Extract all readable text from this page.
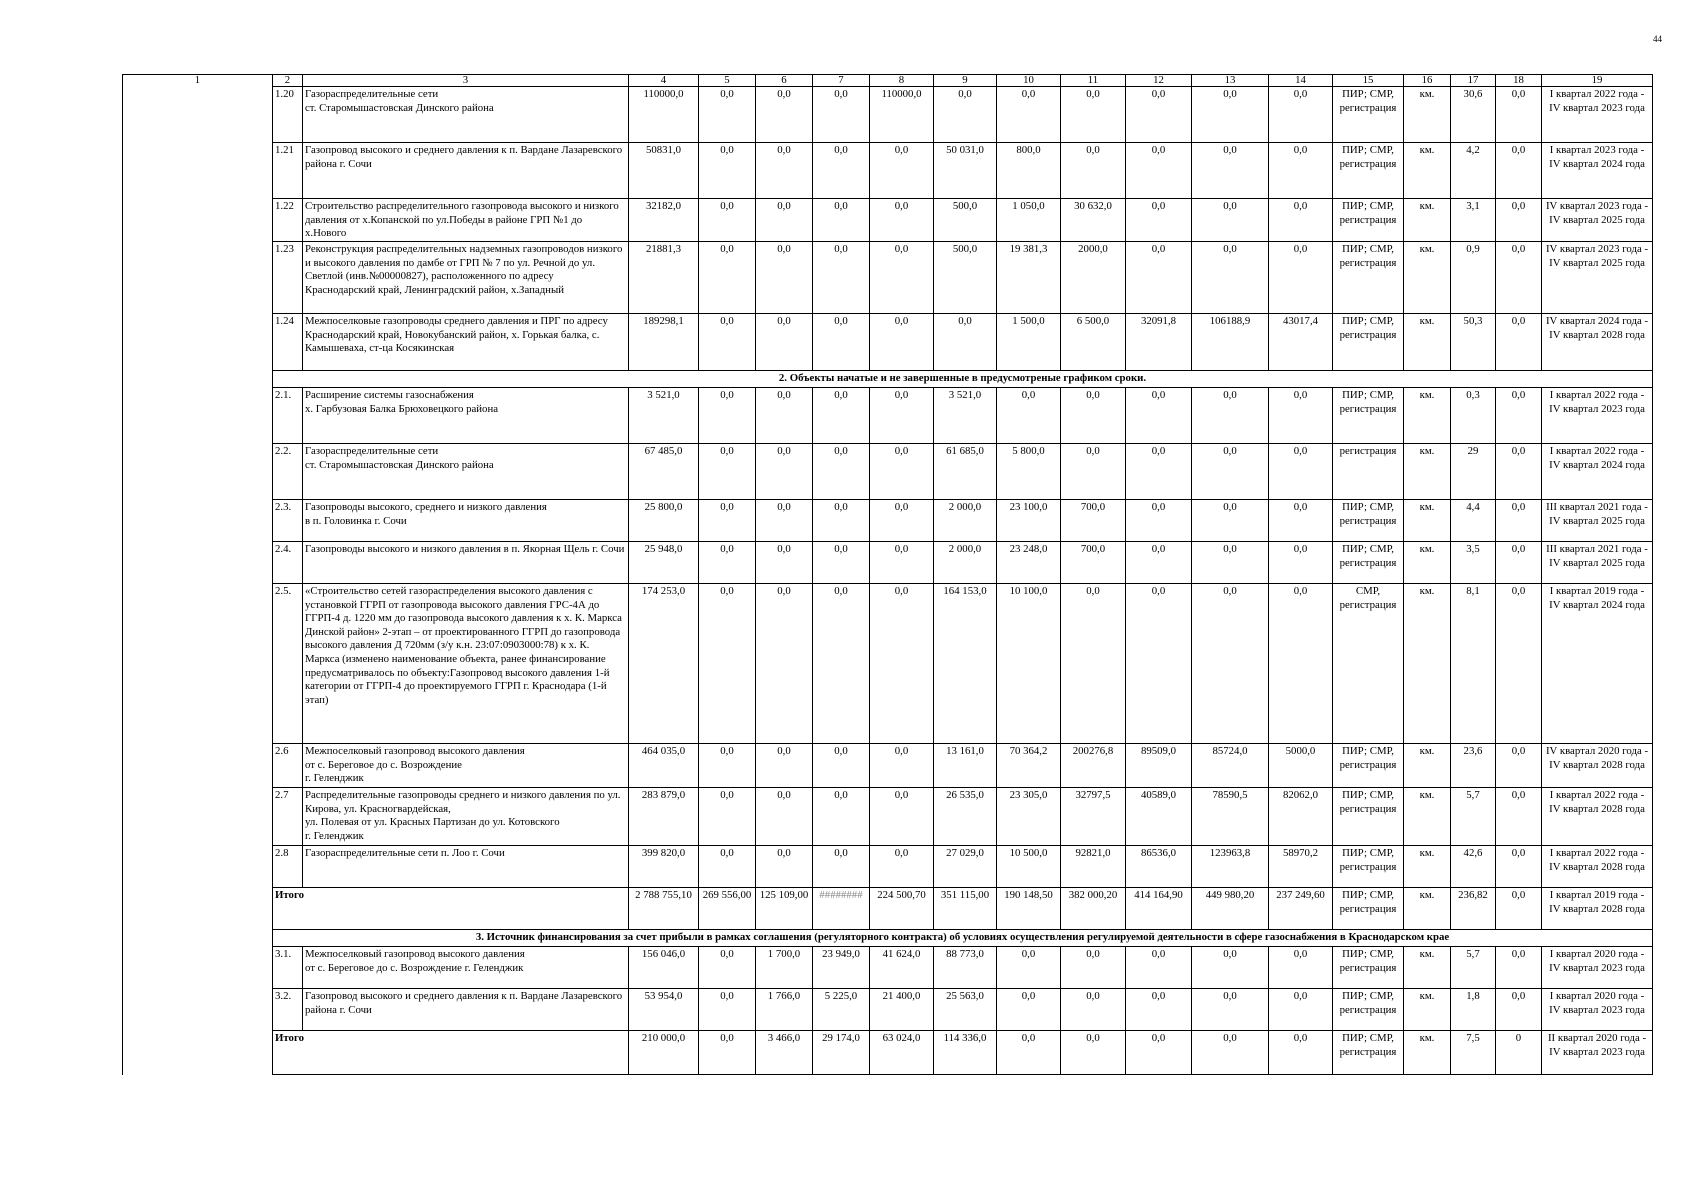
44
1	2	3	4	5	6	7	8	9	10	11	12	13	14	15	16	17	18	19
	1.20	Газораспределительные сети
ст. Старомышастовская Динского района	110000,0	0,0	0,0	0,0	110000,0	0,0	0,0	0,0	0,0	0,0	0,0	ПИР; СМР, регистрация	км.	30,6	0,0	I квартал 2022 года - IV квартал 2023 года
	1.21	Газопровод высокого и среднего давления к п. Вардане Лазаревского района г. Сочи	50831,0	0,0	0,0	0,0	0,0	50 031,0	800,0	0,0	0,0	0,0	0,0	ПИР; СМР, регистрация	км.	4,2	0,0	I квартал 2023 года - IV квартал 2024 года
	1.22	Строительство распределительного газопровода высокого и низкого давления от х.Копанской по ул.Победы в районе ГРП №1 до х.Нового	32182,0	0,0	0,0	0,0	0,0	500,0	1 050,0	30 632,0	0,0	0,0	0,0	ПИР; СМР, регистрация	км.	3,1	0,0	IV квартал 2023 года - IV квартал 2025 года
	1.23	Реконструкция распределительных надземных газопроводов низкого и высокого давления по дамбе от ГРП № 7 по ул. Речной до ул. Светлой (инв.№00000827), расположенного по адресу Краснодарский край, Ленинградский район, х.Западный	21881,3	0,0	0,0	0,0	0,0	500,0	19 381,3	2000,0	0,0	0,0	0,0	ПИР; СМР, регистрация	км.	0,9	0,0	IV квартал 2023 года - IV квартал 2025 года
	1.24	Межпоселковые газопроводы среднего давления и ПРГ по адресу Краснодарский край, Новокубанский район, х. Горькая балка, с. Камышеваха, ст-ца Косякинская	189298,1	0,0	0,0	0,0	0,0	0,0	1 500,0	6 500,0	32091,8	106188,9	43017,4	ПИР; СМР, регистрация	км.	50,3	0,0	IV квартал 2024 года - IV квартал 2028 года
	2. Объекты начатые и не завершенные в предусмотреные графиком сроки.																	
	2.1.	Расширение системы газоснабжения
х. Гарбузовая Балка Брюховецкого района	3 521,0	0,0	0,0	0,0	0,0	3 521,0	0,0	0,0	0,0	0,0	0,0	ПИР; СМР, регистрация	км.	0,3	0,0	I квартал 2022 года - IV квартал 2023 года
	2.2.	Газораспределительные сети
ст. Старомышастовская Динского района	67 485,0	0,0	0,0	0,0	0,0	61 685,0	5 800,0	0,0	0,0	0,0	0,0	регистрация	км.	29	0,0	I квартал 2022 года - IV квартал 2024 года
	2.3.	Газопроводы высокого, среднего и низкого давления
в п. Головинка г. Сочи	25 800,0	0,0	0,0	0,0	0,0	2 000,0	23 100,0	700,0	0,0	0,0	0,0	ПИР; СМР, регистрация	км.	4,4	0,0	III квартал 2021 года - IV квартал 2025 года
	2.4.	Газопроводы высокого и низкого давления в п. Якорная Щель г. Сочи	25 948,0	0,0	0,0	0,0	0,0	2 000,0	23 248,0	700,0	0,0	0,0	0,0	ПИР; СМР, регистрация	км.	3,5	0,0	III квартал 2021 года - IV квартал 2025 года
	2.5.	«Строительство сетей газораспределения высокого давления с установкой ГГРП от газопровода высокого давления ГРС-4А до ГГРП-4 д. 1220 мм до газопровода высокого давления к х. К. Маркса Динской район» 2-этап – от проектированного ГГРП до газопровода высокого давления Д 720мм (з/у к.н. 23:07:0903000:78) к х. К. Маркса (изменено наименование объекта, ранее финансирование предусматривалось по объекту:Газопровод высокого давления 1-й категории от ГГРП-4 до проектируемого ГГРП г. Краснодара (1-й этап)	174 253,0	0,0	0,0	0,0	0,0	164 153,0	10 100,0	0,0	0,0	0,0	0,0	СМР, регистрация	км.	8,1	0,0	I квартал 2019 года - IV квартал 2024 года
	2.6	Межпоселковый газопровод высокого давления
от с. Береговое до с. Возрождение
г. Геленджик	464 035,0	0,0	0,0	0,0	0,0	13 161,0	70 364,2	200276,8	89509,0	85724,0	5000,0	ПИР; СМР, регистрация	км.	23,6	0,0	IV квартал 2020 года - IV квартал 2028 года
	2.7	Распределительные газопроводы среднего и низкого давления по ул. Кирова, ул. Красногвардейская,
ул. Полевая от ул. Красных Партизан до ул. Котовского
г. Геленджик	283 879,0	0,0	0,0	0,0	0,0	26 535,0	23 305,0	32797,5	40589,0	78590,5	82062,0	ПИР; СМР, регистрация	км.	5,7	0,0	I квартал 2022 года - IV квартал 2028 года
	2.8	Газораспределительные сети п. Лоо г. Сочи	399 820,0	0,0	0,0	0,0	0,0	27 029,0	10 500,0	92821,0	86536,0	123963,8	58970,2	ПИР; СМР, регистрация	км.	42,6	0,0	I квартал 2022 года - IV квартал 2028 года
	Итого		2 788 755,10	269 556,00	125 109,00	########	224 500,70	351 115,00	190 148,50	382 000,20	414 164,90	449 980,20	237 249,60	ПИР; СМР, регистрация	км.	236,82	0,0	I квартал 2019 года - IV квартал 2028 года
	3. Источник финансирования за счет прибыли в рамках соглашения (регуляторного контракта) об условиях осуществления регулируемой деятельности в сфере газоснабжения в Краснодарском крае																	
	3.1.	Межпоселковый газопровод высокого давления
от с. Береговое до с. Возрождение г. Геленджик	156 046,0	0,0	1 700,0	23 949,0	41 624,0	88 773,0	0,0	0,0	0,0	0,0	0,0	ПИР; СМР, регистрация	км.	5,7	0,0	I квартал 2020 года - IV квартал 2023 года
	3.2.	Газопровод высокого и среднего давления к п. Вардане Лазаревского района г. Сочи	53 954,0	0,0	1 766,0	5 225,0	21 400,0	25 563,0	0,0	0,0	0,0	0,0	0,0	ПИР; СМР, регистрация	км.	1,8	0,0	I квартал 2020 года - IV квартал 2023 года
	Итого		210 000,0	0,0	3 466,0	29 174,0	63 024,0	114 336,0	0,0	0,0	0,0	0,0	0,0	ПИР; СМР, регистрация	км.	7,5	0	II квартал 2020 года - IV квартал 2023 года
